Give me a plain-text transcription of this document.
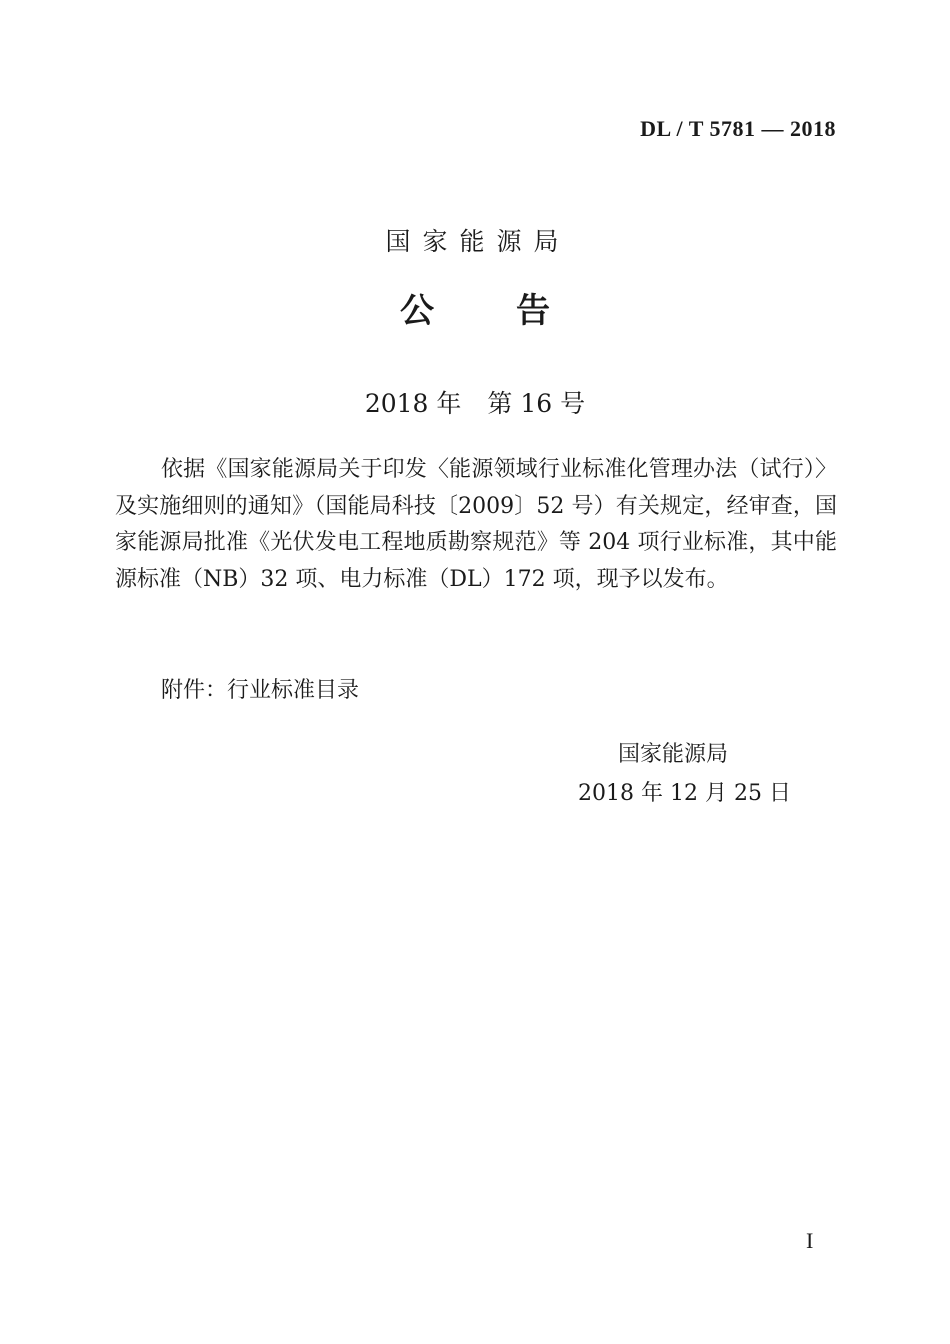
DL / T 5781 — 2018
国家能源局
公 告
2018 年 第 16 号

依据《国家能源局关于印发〈能源领域行业标准化管理办法（试行）〉及实施细则的通知》（国能局科技〔2009〕52 号）有关规定，经审查，国家能源局批准《光伏发电工程地质勘察规范》等 204 项行业标准，其中能源标准（NB）32 项、电力标准（DL）172 项，现予以发布。

附件：行业标准目录
国家能源局
2018 年 12 月 25 日
I
